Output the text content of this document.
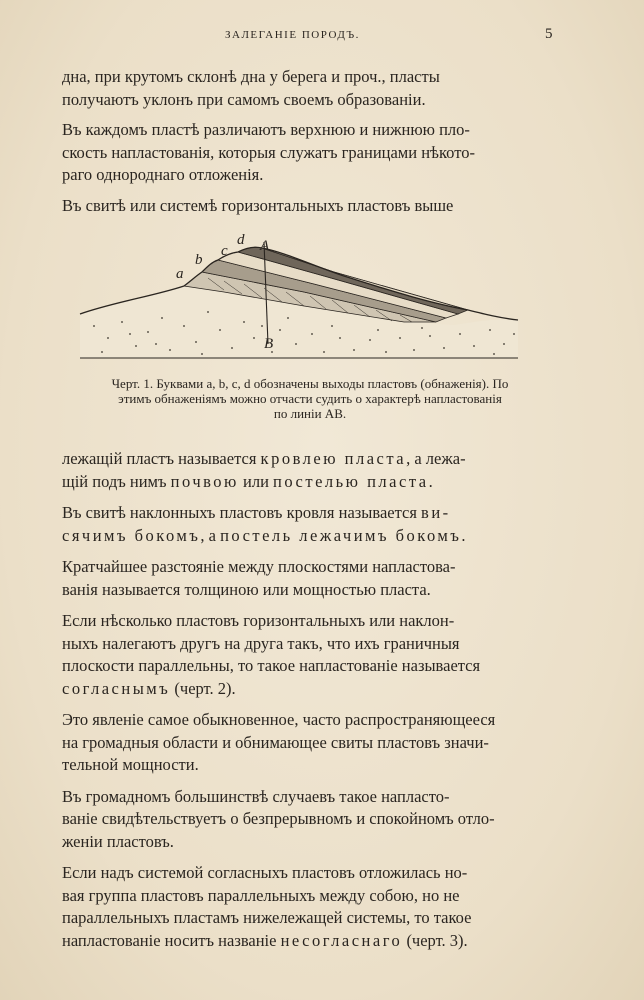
ЗАЛЕГАНІЕ ПОРОДЪ.	5

дна, при крутомъ склонѣ дна у берега и проч., пласты
получаютъ уклонъ при самомъ своемъ образованіи.

Въ каждомъ пластѣ различаютъ верхнюю и нижнюю пло-
скость напластованія, которыя служатъ границами нѣкото-
раго однороднаго отложенія.

Въ свитѣ или системѣ горизонтальныхъ пластовъ выше

a
b
c
d A
B
Черт. 1. Буквами a, b, c, d обозначены выходы пластовъ (обнаженія). По
этимъ обнаженіямъ можно отчасти судить о характерѣ напластованія
по линіи AB.

лежащій пластъ называется кровлею пласта, а лежа-
щій подъ нимъ почвою или постелью пласта.

Въ свитѣ наклонныхъ пластовъ кровля называется ви-
сячимъ бокомъ, а постель лежачимъ бокомъ.

Кратчайшее разстояніе между плоскостями напластова-
ванія называется толщиною или мощностью пласта.

Если нѣсколько пластовъ горизонтальныхъ или наклон-
ныхъ налегаютъ другъ на друга такъ, что ихъ граничныя
плоскости параллельны, то такое напластованіе называется
согласнымъ (черт. 2).

Это явленіе самое обыкновенное, часто распространяющееся
на громадныя области и обнимающее свиты пластовъ значи-
тельной мощности.

Въ громадномъ большинствѣ случаевъ такое напласто-
ваніе свидѣтельствуетъ о безпрерывномъ и спокойномъ отло-
женіи пластовъ.

Если надъ системой согласныхъ пластовъ отложилась но-
вая группа пластовъ параллельныхъ между собою, но не
параллельныхъ пластамъ нижележащей системы, то такое
напластованіе носитъ названіе несогласнаго (черт. 3).
